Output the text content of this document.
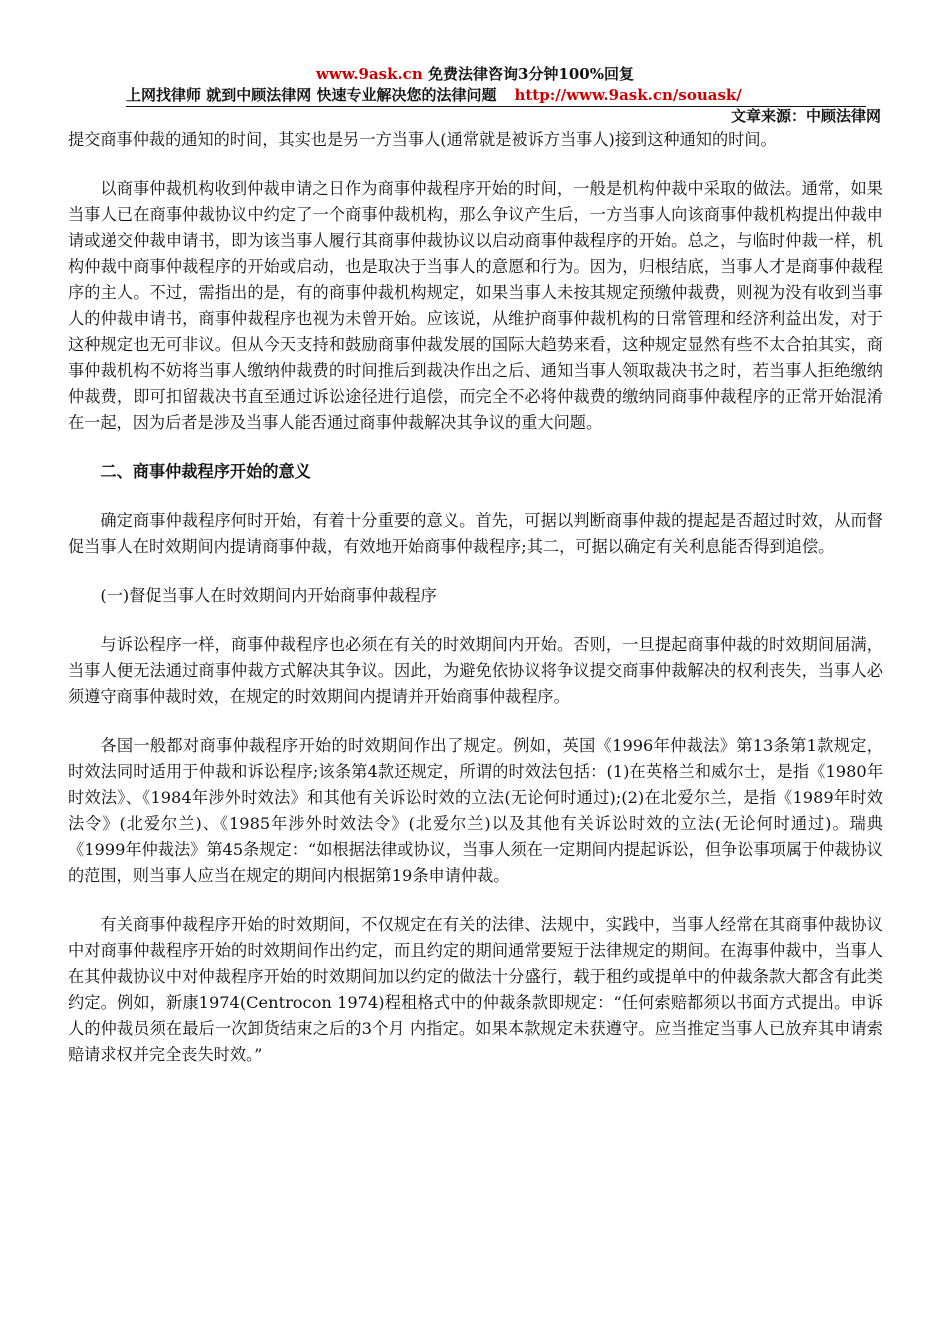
www.9ask.cn 免费法律咨询3分钟100%回复
上网找律师 就到中顾法律网 快速专业解决您的法律问题 http://www.9ask.cn/souask/
文章来源：中顾法律网

提交商事仲裁的通知的时间，其实也是另一方当事人(通常就是被诉方当事人)接到这种通知的时间。

以商事仲裁机构收到仲裁申请之日作为商事仲裁程序开始的时间，一般是机构仲裁中采取的做法。通常，如果当事人已在商事仲裁协议中约定了一个商事仲裁机构，那么争议产生后，一方当事人向该商事仲裁机构提出仲裁申请或递交仲裁申请书，即为该当事人履行其商事仲裁协议以启动商事仲裁程序的开始。总之，与临时仲裁一样，机构仲裁中商事仲裁程序的开始或启动，也是取决于当事人的意愿和行为。因为，归根结底，当事人才是商事仲裁程序的主人。不过，需指出的是，有的商事仲裁机构规定，如果当事人未按其规定预缴仲裁费，则视为没有收到当事人的仲裁申请书，商事仲裁程序也视为未曾开始。应该说，从维护商事仲裁机构的日常管理和经济利益出发，对于这种规定也无可非议。但从今天支持和鼓励商事仲裁发展的国际大趋势来看，这种规定显然有些不太合拍其实，商事仲裁机构不妨将当事人缴纳仲裁费的时间推后到裁决作出之后、通知当事人领取裁决书之时，若当事人拒绝缴纳仲裁费，即可扣留裁决书直至通过诉讼途径进行追偿，而完全不必将仲裁费的缴纳同商事仲裁程序的正常开始混淆在一起，因为后者是涉及当事人能否通过商事仲裁解决其争议的重大问题。

二、商事仲裁程序开始的意义

确定商事仲裁程序何时开始，有着十分重要的意义。首先，可据以判断商事仲裁的提起是否超过时效，从而督促当事人在时效期间内提请商事仲裁，有效地开始商事仲裁程序;其二，可据以确定有关利息能否得到追偿。

(一)督促当事人在时效期间内开始商事仲裁程序

与诉讼程序一样，商事仲裁程序也必须在有关的时效期间内开始。否则，一旦提起商事仲裁的时效期间届满，当事人便无法通过商事仲裁方式解决其争议。因此，为避免依协议将争议提交商事仲裁解决的权利丧失，当事人必须遵守商事仲裁时效，在规定的时效期间内提请并开始商事仲裁程序。

各国一般都对商事仲裁程序开始的时效期间作出了规定。例如，英国《1996年仲裁法》第13条第1款规定，时效法同时适用于仲裁和诉讼程序;该条第4款还规定，所谓的时效法包括：(1)在英格兰和威尔士，是指《1980年时效法》、《1984年涉外时效法》和其他有关诉讼时效的立法(无论何时通过);(2)在北爱尔兰，是指《1989年时效法令》(北爱尔兰)、《1985年涉外时效法令》(北爱尔兰)以及其他有关诉讼时效的立法(无论何时通过)。瑞典《1999年仲裁法》第45条规定：“如根据法律或协议，当事人须在一定期间内提起诉讼，但争讼事项属于仲裁协议的范围，则当事人应当在规定的期间内根据第19条申请仲裁。

有关商事仲裁程序开始的时效期间，不仅规定在有关的法律、法规中，实践中，当事人经常在其商事仲裁协议中对商事仲裁程序开始的时效期间作出约定，而且约定的期间通常要短于法律规定的期间。在海事仲裁中，当事人在其仲裁协议中对仲裁程序开始的时效期间加以约定的做法十分盛行，载于租约或提单中的仲裁条款大都含有此类约定。例如，新康1974(Centrocon 1974)程租格式中的仲裁条款即规定：“任何索赔都须以书面方式提出。申诉人的仲裁员须在最后一次卸货结束之后的3个月 内指定。如果本款规定未获遵守。应当推定当事人已放弃其申请索赔请求权并完全丧失时效。”
